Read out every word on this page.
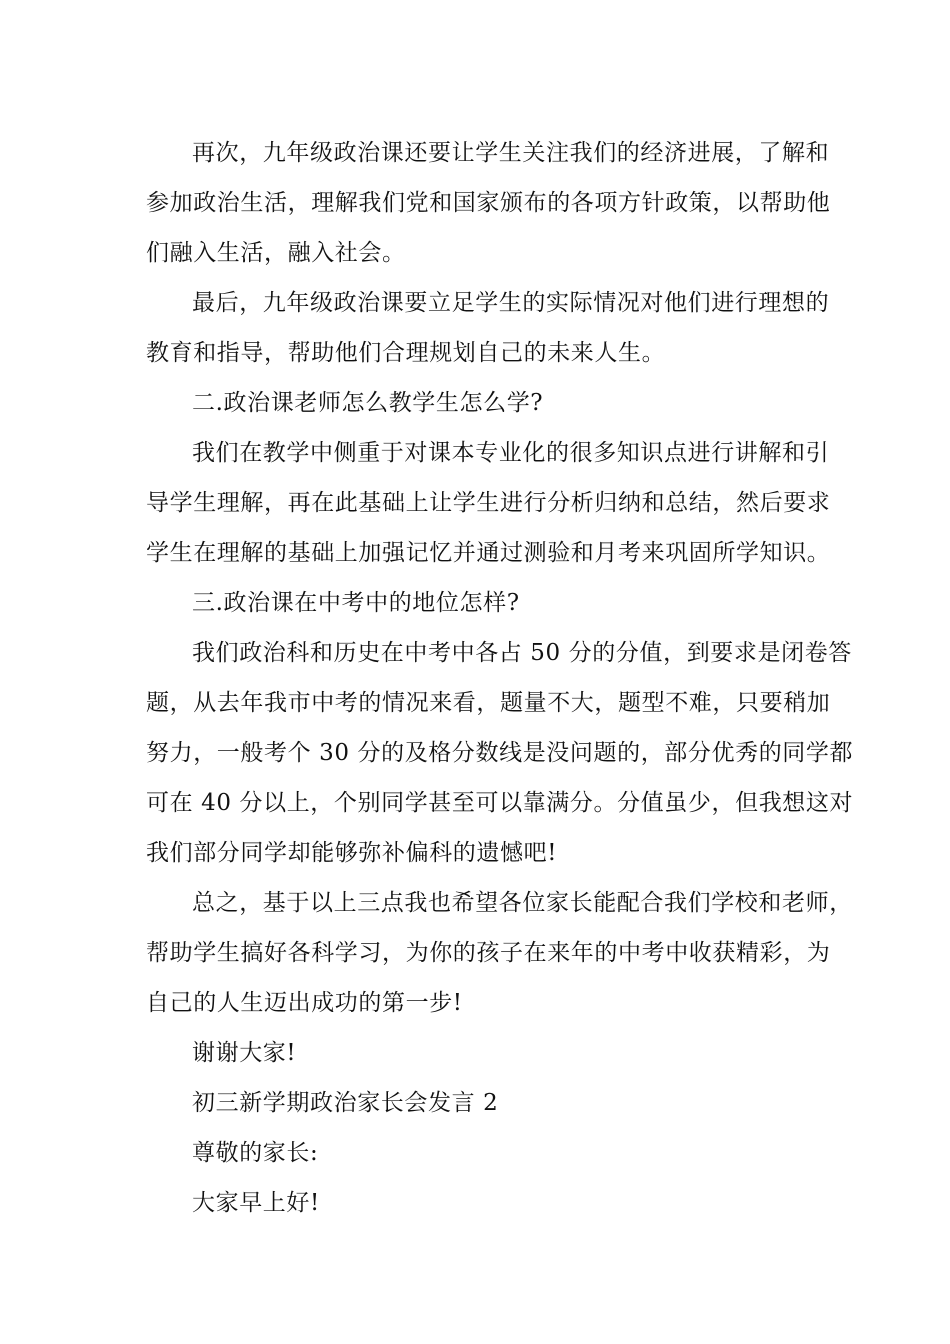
再次，九年级政治课还要让学生关注我们的经济进展，了解和
参加政治生活，理解我们党和国家颁布的各项方针政策，以帮助他
们融入生活，融入社会。
最后，九年级政治课要立足学生的实际情况对他们进行理想的
教育和指导，帮助他们合理规划自己的未来人生。
二.政治课老师怎么教学生怎么学?
我们在教学中侧重于对课本专业化的很多知识点进行讲解和引
导学生理解，再在此基础上让学生进行分析归纳和总结，然后要求
学生在理解的基础上加强记忆并通过测验和月考来巩固所学知识。
三.政治课在中考中的地位怎样?
我们政治科和历史在中考中各占 50 分的分值，到要求是闭卷答
题，从去年我市中考的情况来看，题量不大，题型不难，只要稍加
努力，一般考个 30 分的及格分数线是没问题的，部分优秀的同学都
可在 40 分以上，个别同学甚至可以靠满分。分值虽少，但我想这对
我们部分同学却能够弥补偏科的遗憾吧!
总之，基于以上三点我也希望各位家长能配合我们学校和老师，
帮助学生搞好各科学习，为你的孩子在来年的中考中收获精彩，为
自己的人生迈出成功的第一步!
谢谢大家!
初三新学期政治家长会发言 2
尊敬的家长:
大家早上好!
